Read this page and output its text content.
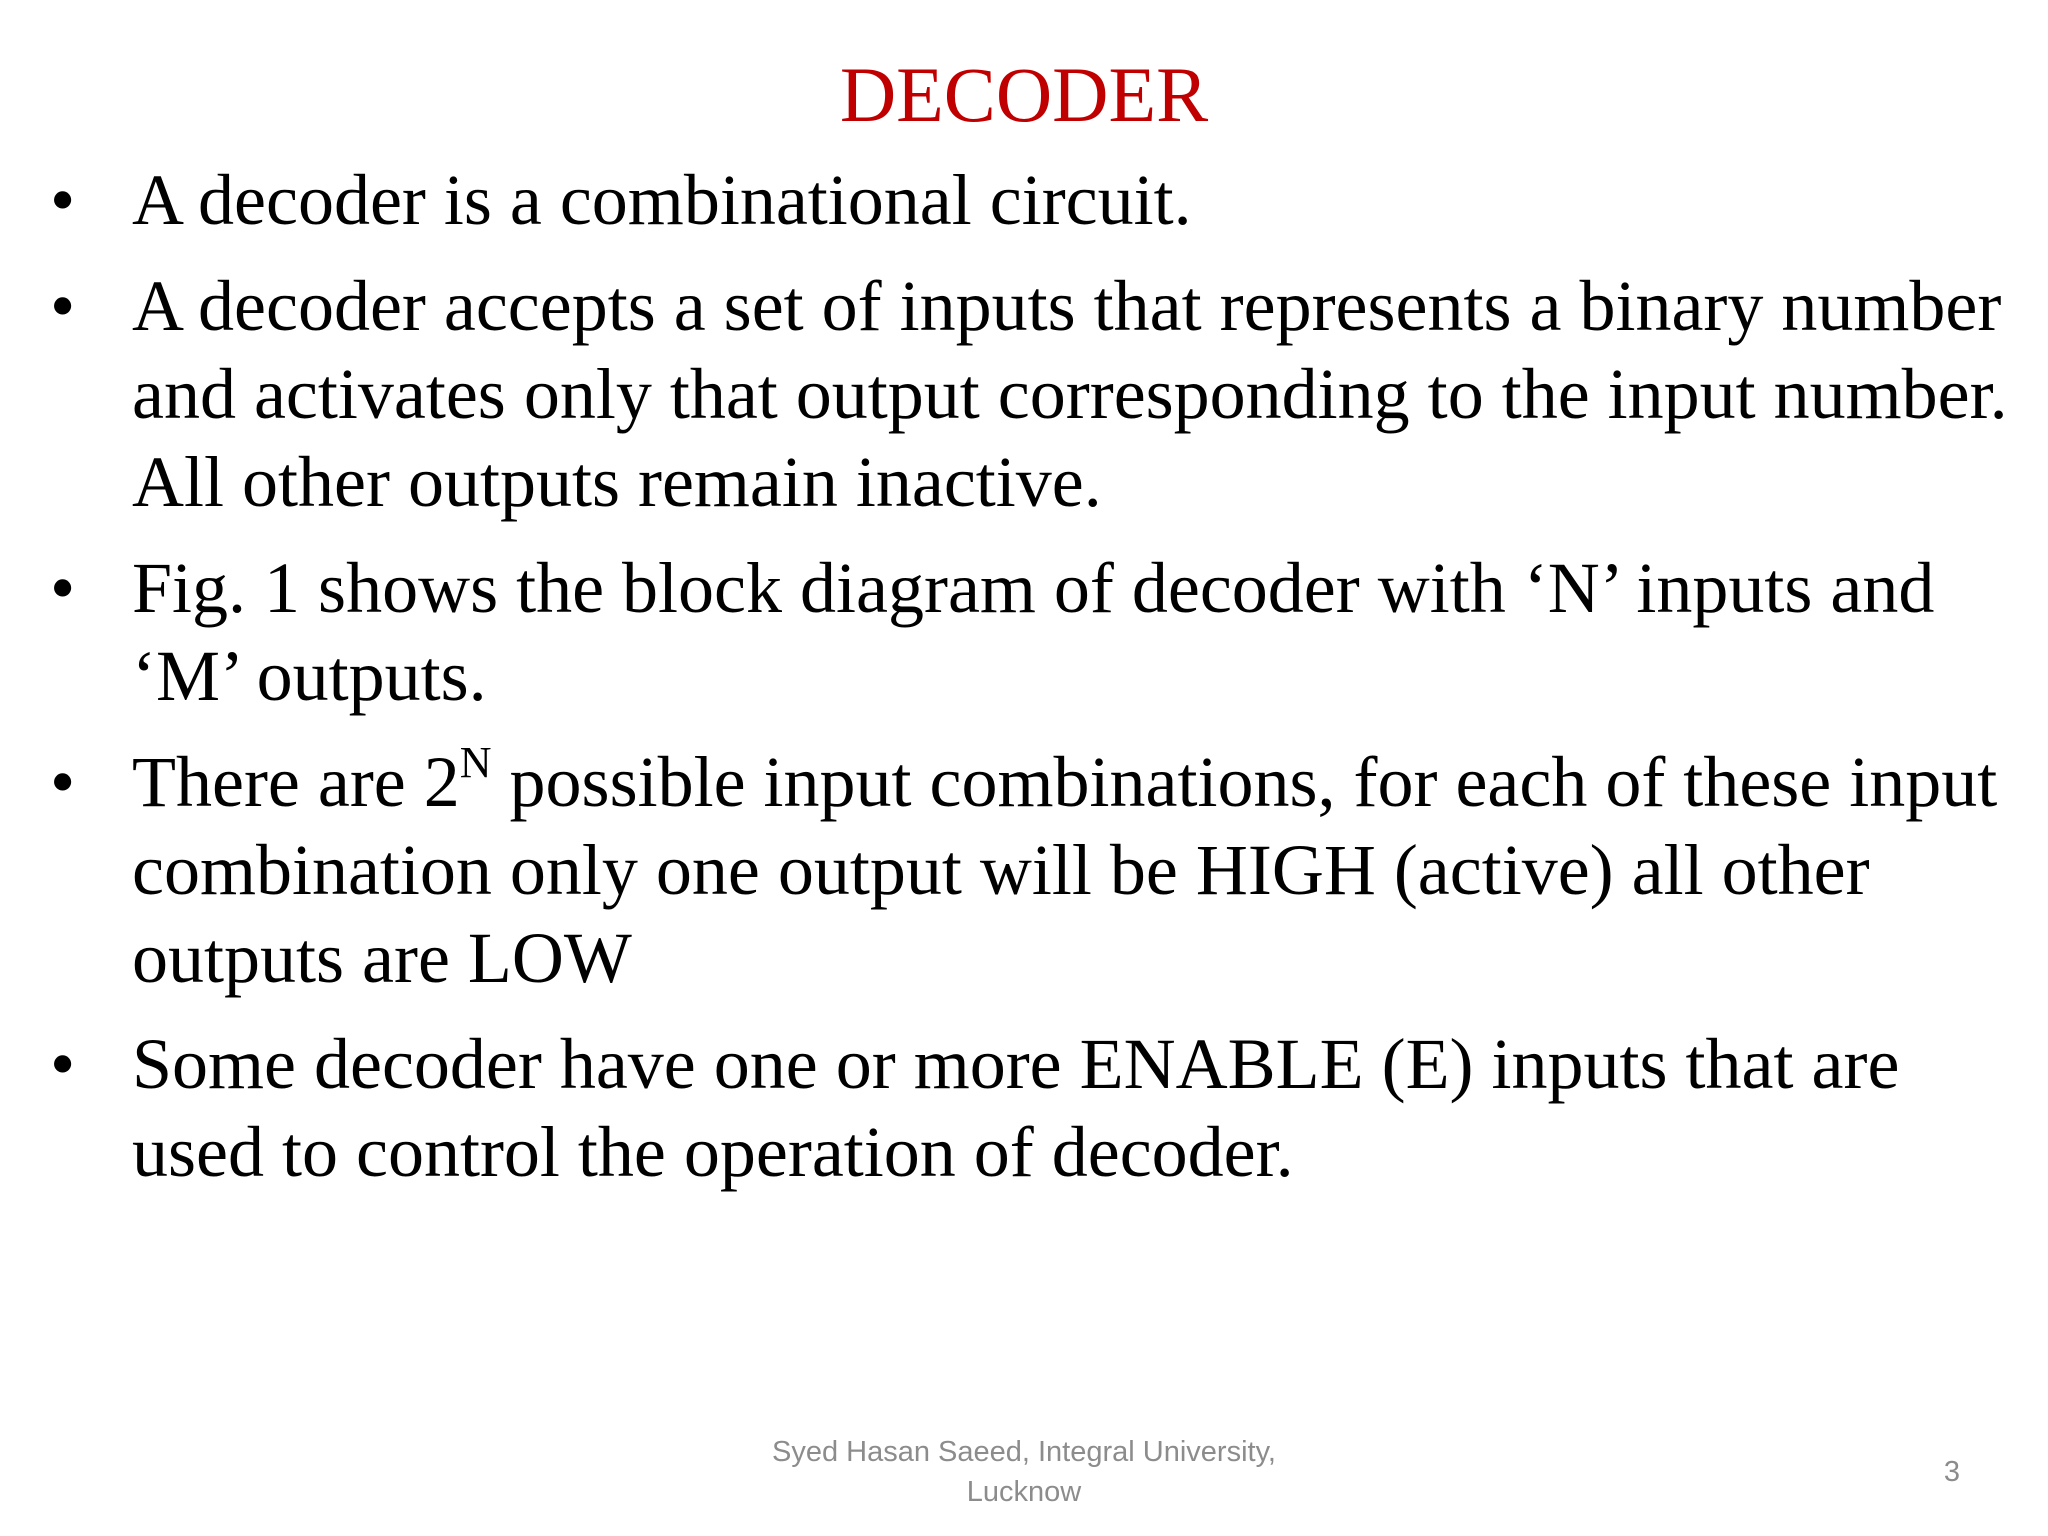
DECODER
• A decoder is a combinational circuit.
• A decoder accepts a set of inputs that represents a binary number and activates only that output corresponding to the input number. All other outputs remain inactive.
• Fig. 1 shows the block diagram of decoder with ‘N’ inputs and ‘M’ outputs.
• There are $2^N$ possible input combinations, for each of these input combination only one output will be HIGH (active) all other outputs are LOW
• Some decoder have one or more ENABLE (E) inputs that are used to control the operation of decoder.
Syed Hasan Saeed, Integral University,
Lucknow
3
